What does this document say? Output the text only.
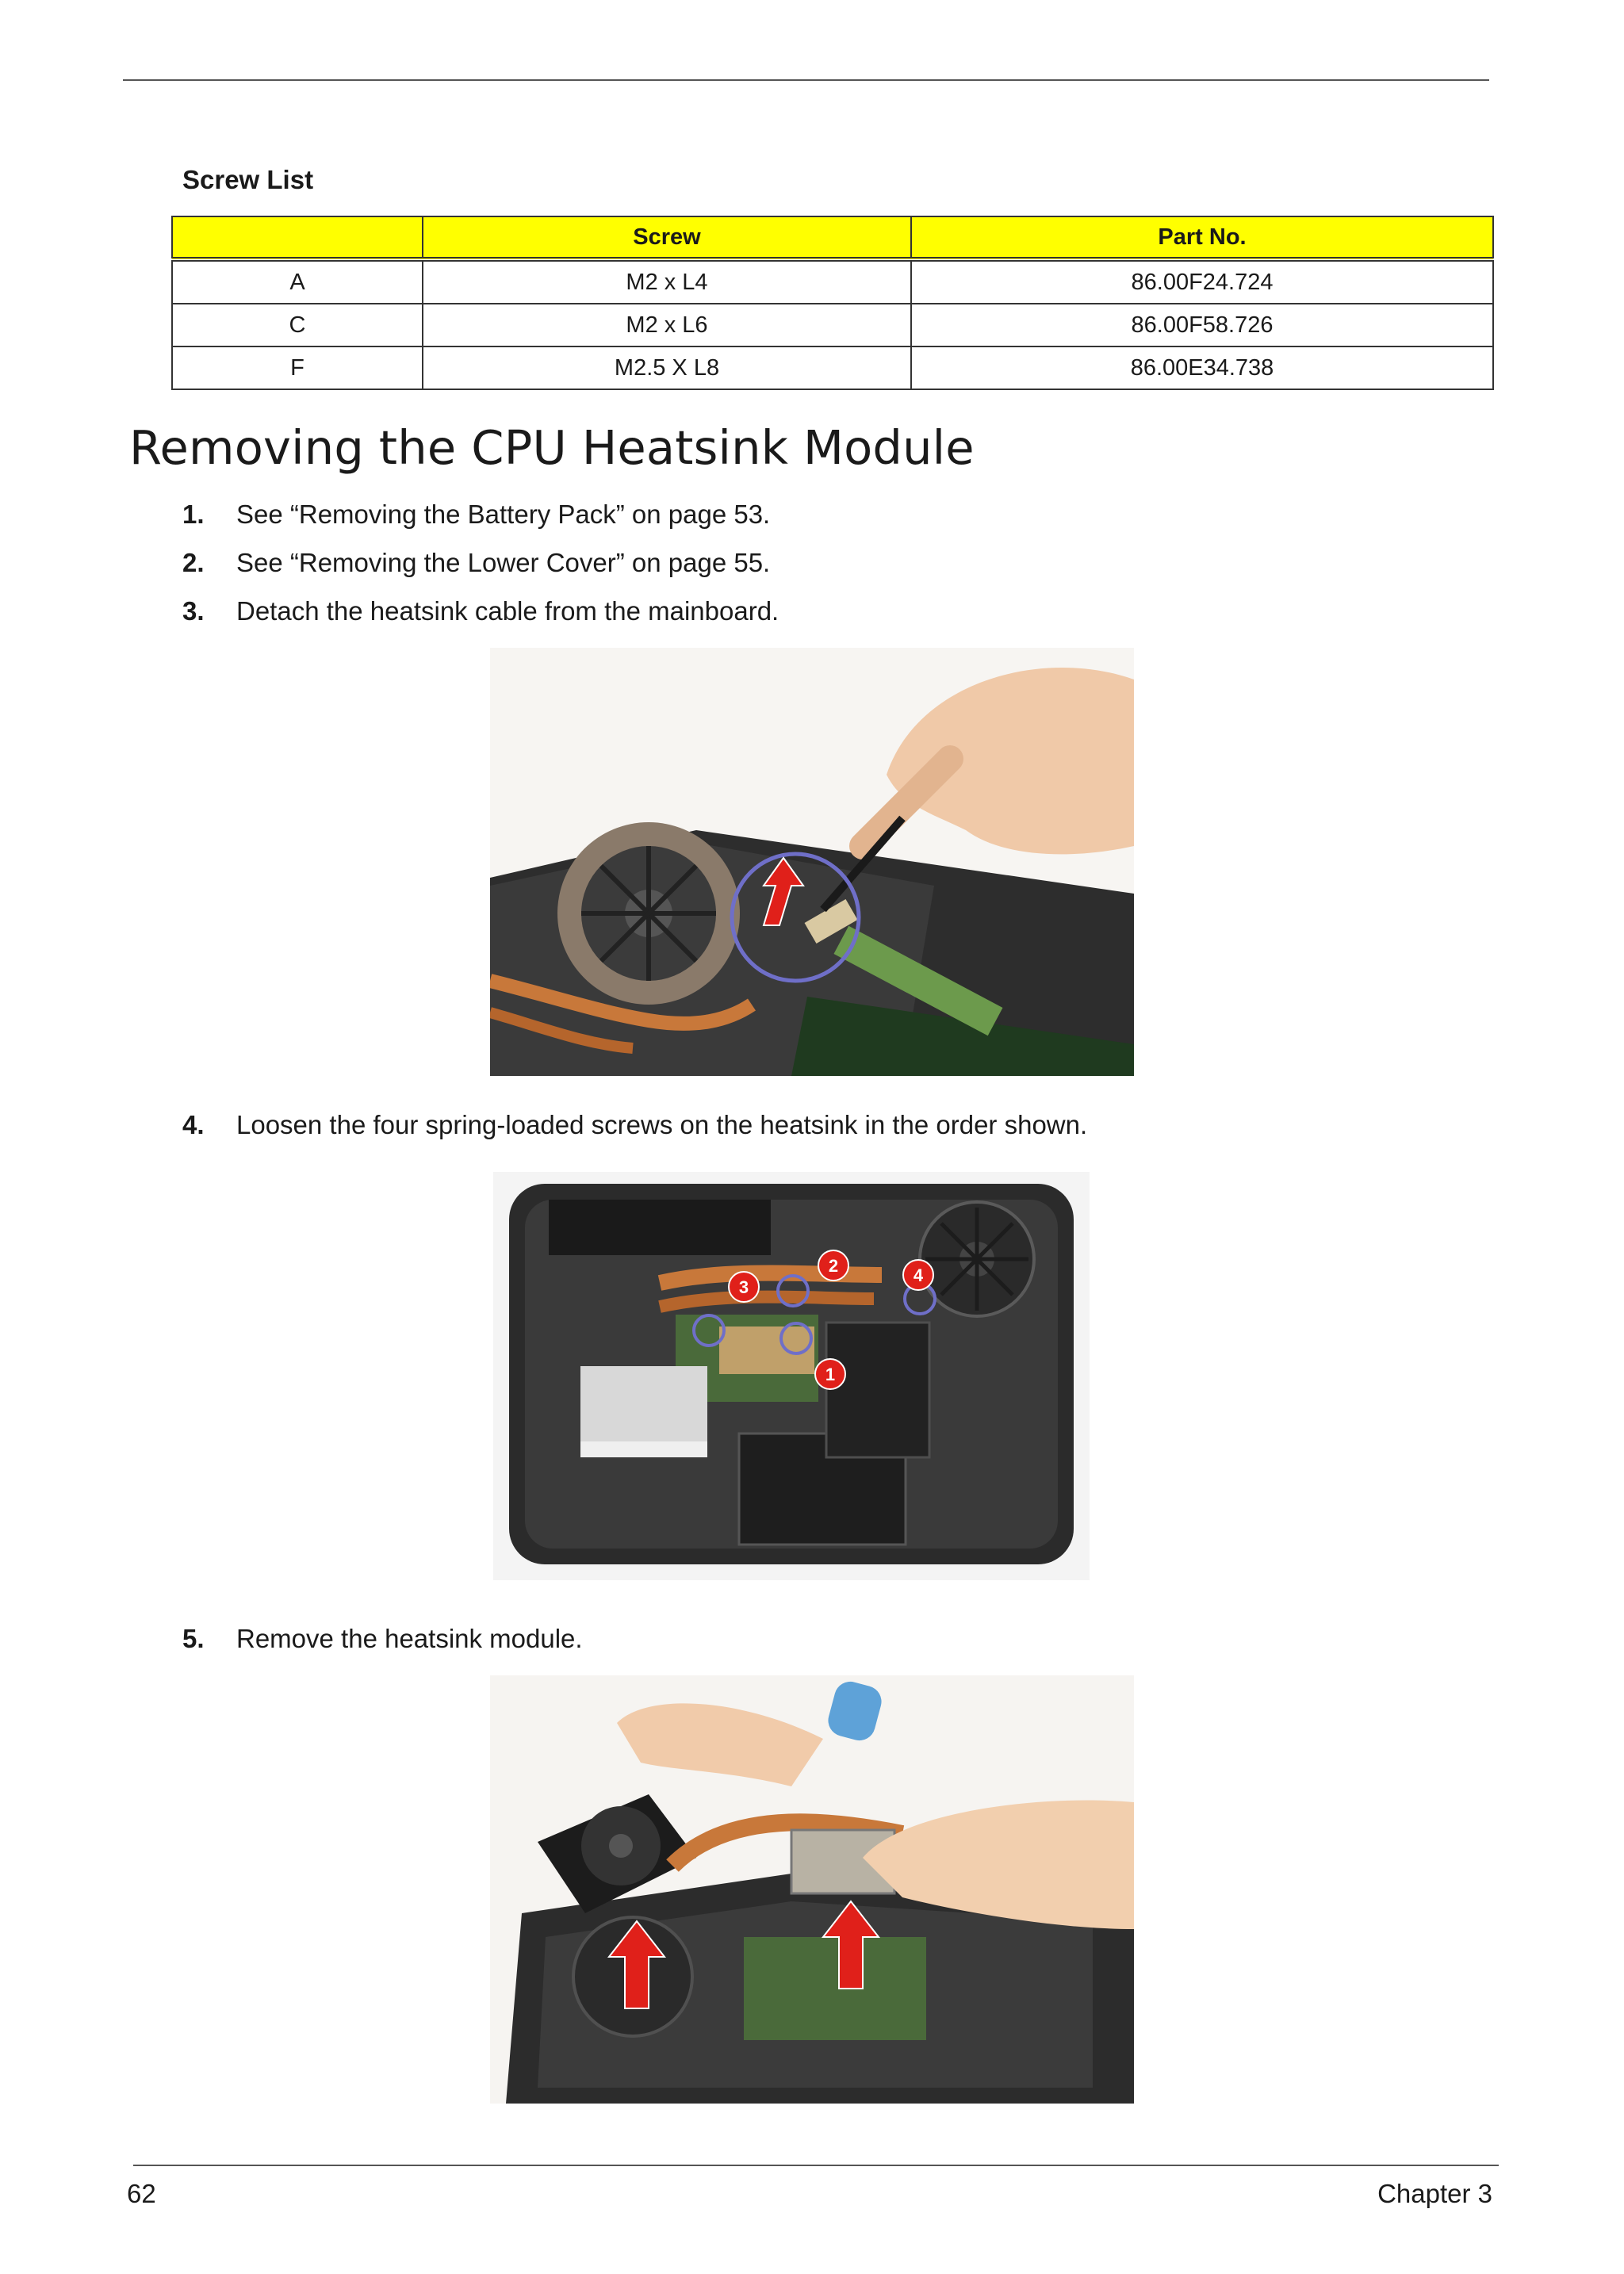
Screw List
	Screw	Part No.
A	M2 x L4	86.00F24.724
C	M2 x L6	86.00F58.726
F	M2.5 X L8	86.00E34.738
Removing the CPU Heatsink Module
1.	See “Removing the Battery Pack” on page 53.
2.	See “Removing the Lower Cover” on page 55.
3.	Detach the heatsink cable from the mainboard.
4.	Loosen the four spring-loaded screws on the heatsink in the order shown.
1
2
3
4
5.	Remove the heatsink module.
62	Chapter 3
